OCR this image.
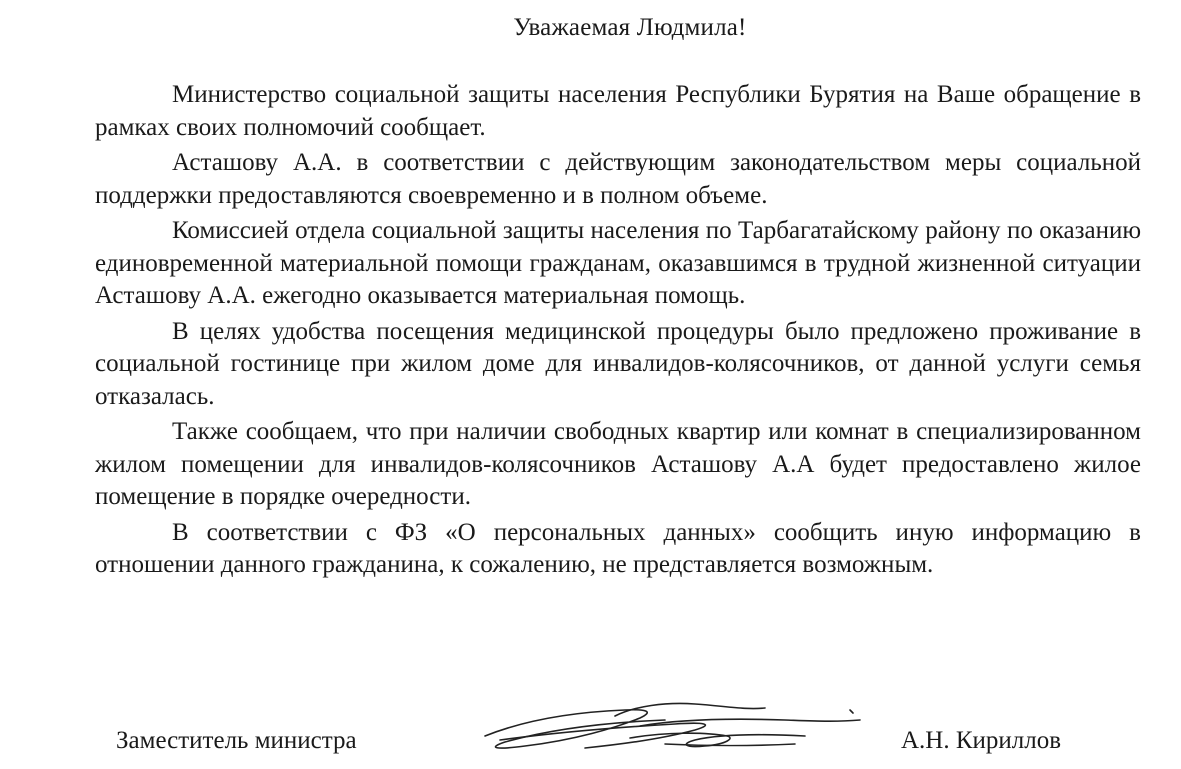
Уважаемая Людмила!

Министерство социальной защиты населения Республики Бурятия на Ваше обращение в рамках своих полномочий сообщает.

Асташову А.А. в соответствии с действующим законодательством меры социальной поддержки предоставляются своевременно и в полном объеме.

Комиссией отдела социальной защиты населения по Тарбагатайскому району по оказанию единовременной материальной помощи гражданам, оказавшимся в трудной жизненной ситуации Асташову А.А. ежегодно оказывается материальная помощь.

В целях удобства посещения медицинской процедуры было предложено проживание в социальной гостинице при жилом доме для инвалидов-колясочников, от данной услуги семья отказалась.

Также сообщаем, что при наличии свободных квартир или комнат в специализированном жилом помещении для инвалидов-колясочников Асташову А.А будет предоставлено жилое помещение в порядке очередности.

В соответствии с ФЗ «О персональных данных» сообщить иную информацию в отношении данного гражданина, к сожалению, не представляется возможным.

Заместитель министра	А.Н. Кириллов
